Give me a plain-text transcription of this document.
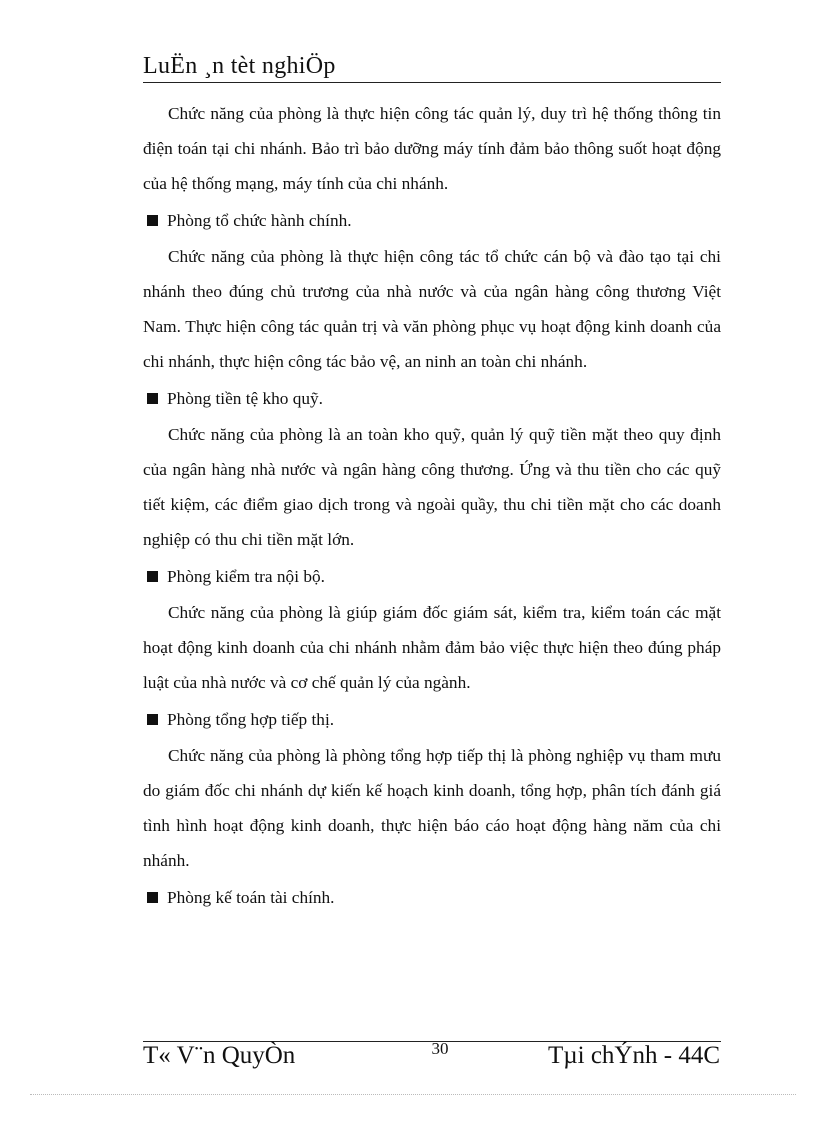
LuËn ¸n tèt nghiÖp

Chức năng của phòng là thực hiện công tác quản lý, duy trì hệ thống thông tin điện toán tại chi nhánh. Bảo trì bảo dưỡng máy tính đảm bảo thông suốt hoạt động của hệ thống mạng, máy tính của chi nhánh.

Phòng tổ chức hành chính.

Chức năng của phòng là thực hiện công tác tổ chức cán bộ và đào tạo tại chi nhánh theo đúng chủ trương của nhà nước và của ngân hàng công thương Việt Nam. Thực hiện công tác quản trị và văn phòng phục vụ hoạt động kinh doanh của chi nhánh, thực hiện công tác bảo vệ, an ninh an toàn chi nhánh.

Phòng tiền tệ kho quỹ.

Chức năng của phòng là an toàn kho quỹ, quản lý quỹ tiền mặt theo quy định của ngân hàng nhà nước và ngân hàng công thương. Ứng và thu tiền cho các quỹ tiết kiệm, các điểm giao dịch trong và ngoài quầy, thu chi tiền mặt cho các doanh nghiệp có thu chi tiền mặt lớn.

Phòng kiểm tra nội bộ.

Chức năng của phòng là giúp giám đốc giám sát, kiểm tra, kiểm toán các mặt hoạt động kinh doanh của chi nhánh nhằm đảm bảo việc thực hiện theo đúng pháp luật của nhà nước và cơ chế quản lý của ngành.

Phòng tổng hợp tiếp thị.

Chức năng của phòng là phòng tổng hợp tiếp thị là phòng nghiệp vụ tham mưu do giám đốc chi nhánh dự kiến kế hoạch kinh doanh, tổng hợp, phân tích đánh giá tình hình hoạt động kinh doanh, thực hiện báo cáo hoạt động hàng năm của chi nhánh.

Phòng kế toán tài chính.
T« V¨n QuyÒn	30	Tµi chÝnh - 44C
